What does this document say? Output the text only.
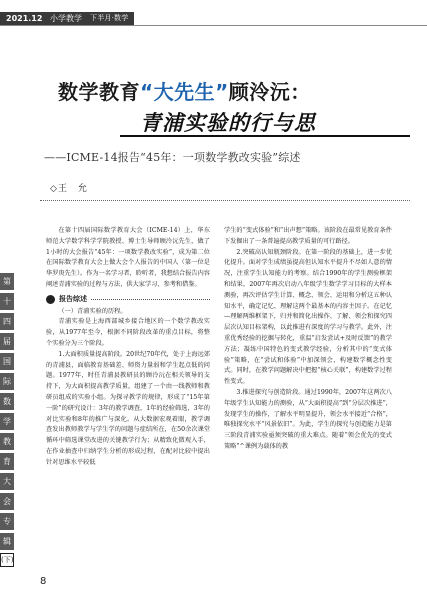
2021.12 小学教学 下半月·数学
数学教育“大先生”顾泠沅：
青浦实验的行与思
——ICME-14报告“45年：一项数学教改实验”综述
◇王　允
第
十
四
届
国
际
数
学
教
育
大
会
专
辑
(下)

在第十四届国际数学教育大会（ICME-14）上，华东师范大学数学科学学院教授、博士生导师顾泠沅先生，做了1小时的大会报告“45年：一项数学教改实验”，成为第二位在国际数学教育大会上做大会个人报告的中国人（第一位是华罗庚先生）。作为一名学习者，聆听者，我想结合报告内容阐述青浦实验的过程与方法，供大家学习、参考和借鉴。

报告综述

（一）青浦实验的历程。

青浦实验是上海西部城乡接合地区的一个数学教改实验，从1977年至今，根据不同阶段改革的重点目标，将整个实验分为三个阶段。

1.大面积质量提高阶段。20世纪70年代，处于上海远郊的青浦县，面临教育基础差、师资力量弱和学生起点低的问题。1977年，时任青浦县教研员的顾泠沅在相关领导的支持下，为大面积提高教学质量，组建了一个由一线教师和教研员组成的实验小组。为探寻教学的规律，形成了“15年第一阶”的研究设计：3年的教学调查，1年的经验筛选，3年的对比实验和8年的推广与深化。从大数据宏观着眼，教学调查发出教师教学与学生学的问题与症结所在，在50余次课堂循环中筛选课堂改进的关键教学行为；从精致化微观入手，在作业抽查中归纳学生分析的形成过程，在配对比较中提出针对思维水平较低

学生的“变式体验”和“出声想”策略。该阶段在最常见教育条件下发掘出了一条普遍提高教学质量的可行路径。

2.突破高认知瓶颈阶段。在第一阶段的基础上，进一步优化提升。面对学生成绩虽提高但认知水平提升不尽如人意的情况，注重学生认知能力的考察。结合1990年的学生测验框架和结果，2007年再次启动八年级学生数学学习目标的大样本测验，再次评估学生计算、概念、领会、运用和分析这五种认知水平，确定记忆、理解这两个最基本的内容主因子。在记忆—理解两维框架下，归并和简化出操作、了解、领会和探究四层次认知目标架构，以此推进有深度的学习与教学。此外，注重优秀经验的挖掘与转化，重温“启发尝试+及时反馈”的教学方法；凝练中国特色的变式教学经验，分析其中的“变式体验”策略，在“尝试和体验”中加深领会，构建数学概念性变式。同时，在教学问题解决中把握“核心关联”，构建数学过程性变式。

3.推进探究与创造阶段。通过1990年，2007年这两次八年级学生认知能力的测验，从“大面积提高”到“分层次推进”，发现学生的操作，了解水平明显提升，领会水平接近“合格”，唯独探究水平“风景依旧”。为此，学生的探究与创造能力是第三阶段青浦实验亟须突破的重大难点。随着“领会优先的变式策略”^课例为载体的教

8
